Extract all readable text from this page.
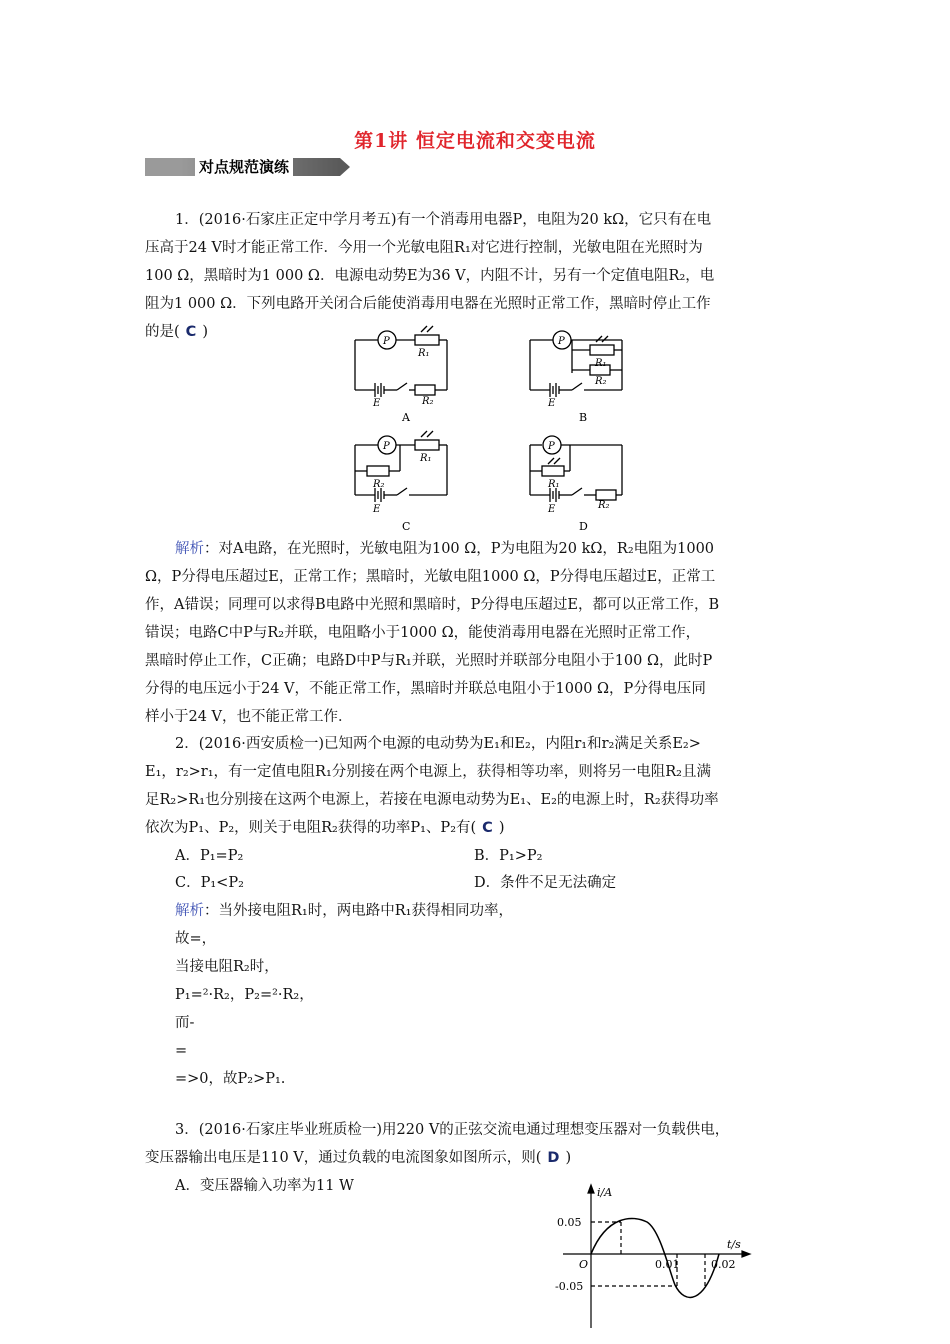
第1讲 恒定电流和交变电流
对点规范演练
1．(2016·石家庄正定中学月考五)有一个消毒用电器P，电阻为20 kΩ，它只有在电
压高于24 V时才能正常工作．今用一个光敏电阻R₁对它进行控制，光敏电阻在光照时为
100 Ω，黑暗时为1 000 Ω．电源电动势E为36 V，内阻不计，另有一个定值电阻R₂，电
阻为1 000 Ω．下列电路开关闭合后能使消毒用电器在光照时正常工作，黑暗时停止工作
的是( C )
P
R₁
R₂
E
P
R₁
R₂
E
P
R₁
R₂
E
P
R₁
R₂
E
A	B
C	D
解析：对A电路，在光照时，光敏电阻为100 Ω，P为电阻为20 kΩ，R₂电阻为1000
Ω，P分得电压超过E，正常工作；黑暗时，光敏电阻1000 Ω，P分得电压超过E，正常工
作，A错误；同理可以求得B电路中光照和黑暗时，P分得电压超过E，都可以正常工作，B
错误；电路C中P与R₂并联，电阻略小于1000 Ω，能使消毒用电器在光照时正常工作，
黑暗时停止工作，C正确；电路D中P与R₁并联，光照时并联部分电阻小于100 Ω，此时P
分得的电压远小于24 V，不能正常工作，黑暗时并联总电阻小于1000 Ω，P分得电压同
样小于24 V，也不能正常工作．
2．(2016·西安质检一)已知两个电源的电动势为E₁和E₂，内阻r₁和r₂满足关系E₂>
E₁，r₂>r₁，有一定值电阻R₁分别接在两个电源上，获得相等功率，则将另一电阻R₂且满
足R₂>R₁也分别接在这两个电源上，若接在电源电动势为E₁、E₂的电源上时，R₂获得功率
依次为P₁、P₂，则关于电阻R₂获得的功率P₁、P₂有( C )
A．P₁=P₂	B．P₁>P₂
C．P₁<P₂	D．条件不足无法确定
解析：当外接电阻R₁时，两电路中R₁获得相同功率，
故=，
当接电阻R₂时，
P₁=²·R₂，P₂=²·R₂，
而-
=
=>0，故P₂>P₁.
3．(2016·石家庄毕业班质检一)用220 V的正弦交流电通过理想变压器对一负载供电，
变压器输出电压是110 V，通过负载的电流图象如图所示，则( D )
A．变压器输入功率为11 W	i/A
t/s
O
0.05
-0.05
0.01	0.02
